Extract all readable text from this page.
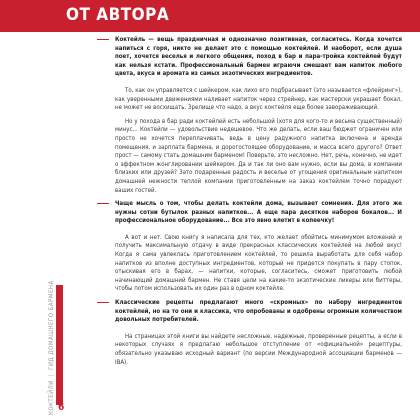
ОТ АВТОРА
КОКТЕЙЛИ|ГИД ДОМАШНЕГО БАРМЕНА
6
Коктейль — вещь праздничная и однозначно позитивная, согласитесь. Когда хочется напиться с горя, никто не делает это с помощью коктейлей. И наоборот, если душа поет, хочется веселья и легкого общения, поход в бар и пара-тройка коктейлей будут как нельзя кстати. Профессиональный бармен играючи смешает вам напиток любого цвета, вкуса и аромата из самых экзотических ингредиентов.

То, как он управляется с шейкером, как лихо его подбрасывает (это называется «флейринг»), как уверенными движениями наливает напиток через стрейнер, как мастерски украшает бокал, не может не восхищать. Зрелище что надо, а вкус коктейля еще более завораживающий.

Но у похода в бар ради коктейлей есть небольшой (хотя для кого-то и весьма существенный) минус... Коктейли — удовольствие недешевое. Что же делать, если ваш бюджет ограничен или просто не хочется переплачивать, ведь в цену радужного напитка включена и аренда помещения, и зарплата бармена, и дорогостоящее оборудование, и масса всего другого? Ответ прост — самому стать домашним барменом! Поверьте, это несложно. Нет, речь, конечно, не идет о эффектном жонглировании шейкером. Да и так ли оно вам нужно, если вы дома, в компании близких или друзей? Зато подаренные радость и веселье от угощения оригинальным напитком домашней нежности теплой компании приготовленным на заказ коктейлем точно порадуют ваших гостей.

Чаще мысль о том, чтобы делать коктейли дома, вызывает сомнения. Для этого же нужны сотни бутылок разных напитков... А еще пара десятков наборов бокалов... И профессиональное оборудование... Все это явно влетит в копеечку!

А вот и нет. Свою книгу я написала для тех, кто желает обойтись минимумом вложений и получить максимальную отдачу в виде прекрасных классических коктейлей на любой вкус! Когда я сама увлеклась приготовлением коктейлей, то решила выработать для себя набор напитков из вполне доступных ингредиентов, который не придется покупать в пару стопок, отыскивая его в барах, — напитки, которые, согласитесь, сможет приготовить любой начинающий домашний бармен. Не ставя цели на какие-то экзотические ликеры или биттеры, чтобы потом использовать их один раз в одном коктейле.

Классические рецепты предлагают много «скромных» по набору ингредиентов коктейлей, но на то они и классика, что опробованы и одобрены огромным количеством довольных потребителей.

На страницах этой книги вы найдете несложные, надежные, проверенные рецепты, а если в некоторых случаях я предлагаю небольшое отступление от «официальной» рецептуры, обязательно указываю исходный вариант (по версии Международной ассоциации барменов — IBA).
